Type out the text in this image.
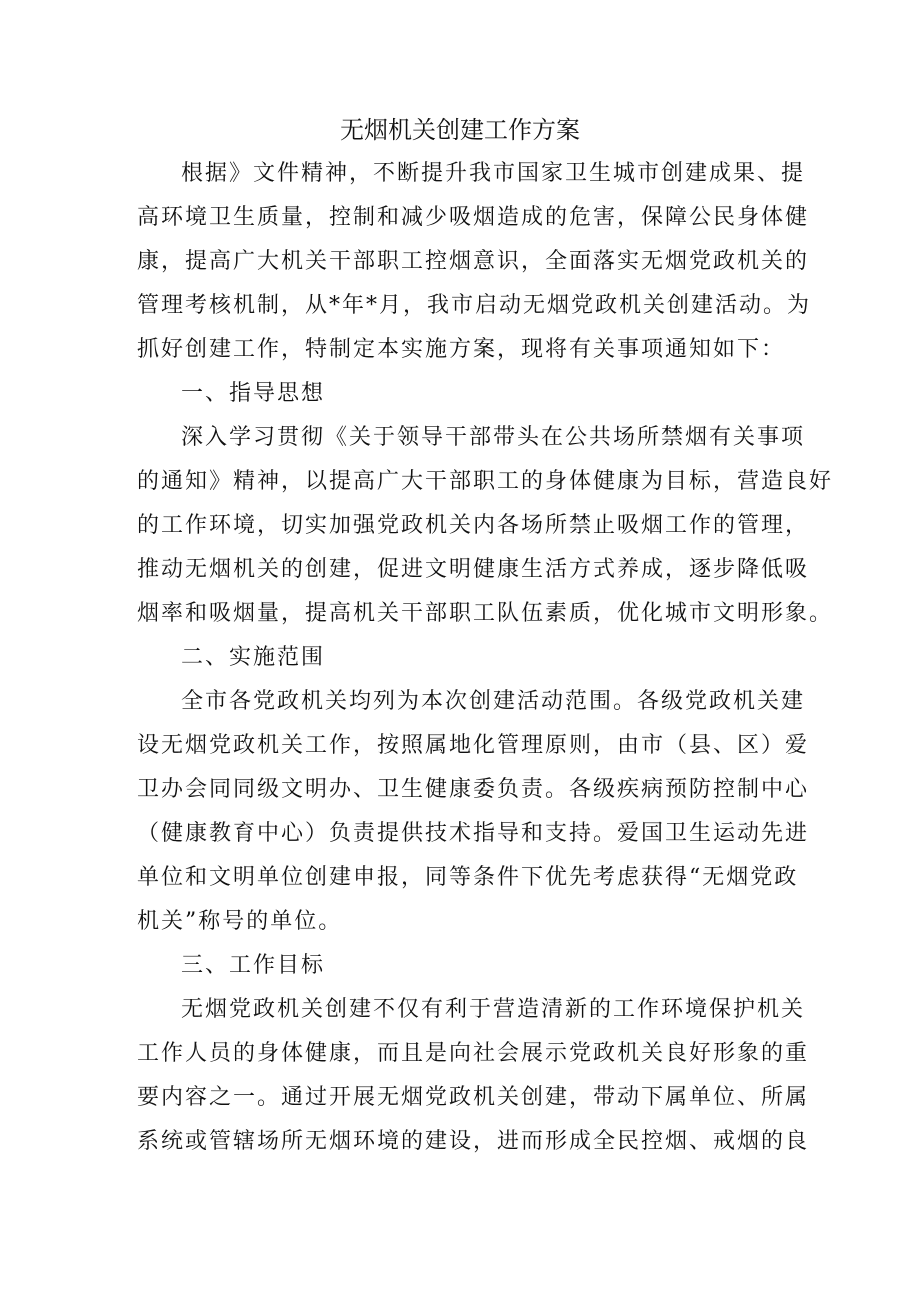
无烟机关创建工作方案
根据》文件精神，不断提升我市国家卫生城市创建成果、提
高环境卫生质量，控制和减少吸烟造成的危害，保障公民身体健
康，提高广大机关干部职工控烟意识，全面落实无烟党政机关的
管理考核机制，从*年*月，我市启动无烟党政机关创建活动。为
抓好创建工作，特制定本实施方案，现将有关事项通知如下：
一、指导思想
深入学习贯彻《关于领导干部带头在公共场所禁烟有关事项
的通知》精神，以提高广大干部职工的身体健康为目标，营造良好
的工作环境，切实加强党政机关内各场所禁止吸烟工作的管理，
推动无烟机关的创建，促进文明健康生活方式养成，逐步降低吸
烟率和吸烟量，提高机关干部职工队伍素质，优化城市文明形象。
二、实施范围
全市各党政机关均列为本次创建活动范围。各级党政机关建
设无烟党政机关工作，按照属地化管理原则，由市（县、区）爱
卫办会同同级文明办、卫生健康委负责。各级疾病预防控制中心
（健康教育中心）负责提供技术指导和支持。爱国卫生运动先进
单位和文明单位创建申报，同等条件下优先考虑获得“无烟党政
机关”称号的单位。
三、工作目标
无烟党政机关创建不仅有利于营造清新的工作环境保护机关
工作人员的身体健康，而且是向社会展示党政机关良好形象的重
要内容之一。通过开展无烟党政机关创建，带动下属单位、所属
系统或管辖场所无烟环境的建设，进而形成全民控烟、戒烟的良
